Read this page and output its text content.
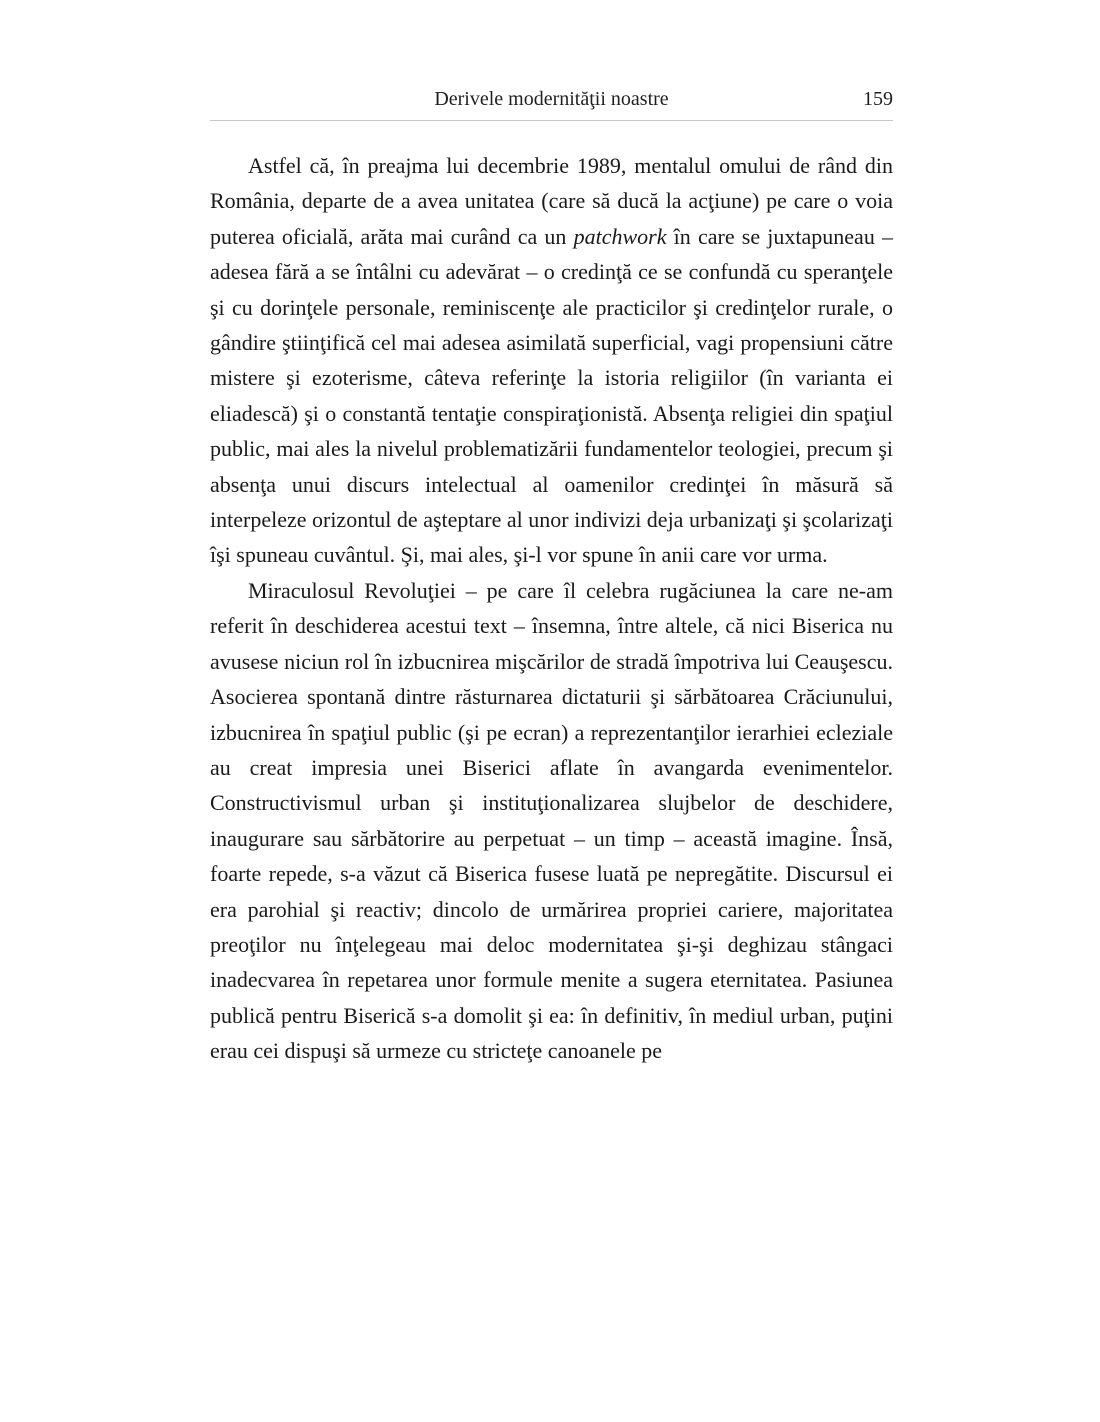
Derivele modernităţii noastre	159

Astfel că, în preajma lui decembrie 1989, mentalul omului de rând din România, departe de a avea unitatea (care să ducă la acţiune) pe care o voia puterea oficială, arăta mai curând ca un patchwork în care se juxtapuneau – adesea fără a se întâlni cu adevărat – o credinţă ce se confundă cu speranţele şi cu dorinţele personale, reminiscenţe ale practicilor şi credinţelor rurale, o gândire ştiinţifică cel mai adesea asimilată superficial, vagi propensiuni către mistere şi ezoterisme, câteva referinţe la istoria religiilor (în varianta ei eliadescă) şi o constantă tentaţie conspiraţionistă. Absenţa religiei din spaţiul public, mai ales la nivelul problematizării fundamentelor teologiei, precum şi absenţa unui discurs intelectual al oamenilor credinţei în măsură să interpeleze orizontul de aşteptare al unor indivizi deja urbanizaţi şi şcolarizaţi îşi spuneau cuvântul. Şi, mai ales, şi-l vor spune în anii care vor urma.

Miraculosul Revoluţiei – pe care îl celebra rugăciunea la care ne-am referit în deschiderea acestui text – însemna, între altele, că nici Biserica nu avusese niciun rol în izbucnirea mişcărilor de stradă împotriva lui Ceauşescu. Asocierea spontană dintre răsturnarea dictaturii şi sărbătoarea Crăciunului, izbucnirea în spaţiul public (şi pe ecran) a reprezentanţilor ierarhiei ecleziale au creat impresia unei Biserici aflate în avangarda evenimentelor. Constructivismul urban şi instituţionalizarea slujbelor de deschidere, inaugurare sau sărbătorire au perpetuat – un timp – această imagine. Însă, foarte repede, s-a văzut că Biserica fusese luată pe nepregătite. Discursul ei era parohial şi reactiv; dincolo de urmărirea propriei cariere, majoritatea preoţilor nu înţelegeau mai deloc modernitatea şi-şi deghizau stângaci inadecvarea în repetarea unor formule menite a sugera eternitatea. Pasiunea publică pentru Biserică s-a domolit şi ea: în definitiv, în mediul urban, puţini erau cei dispuşi să urmeze cu stricteţe canoanele pe
